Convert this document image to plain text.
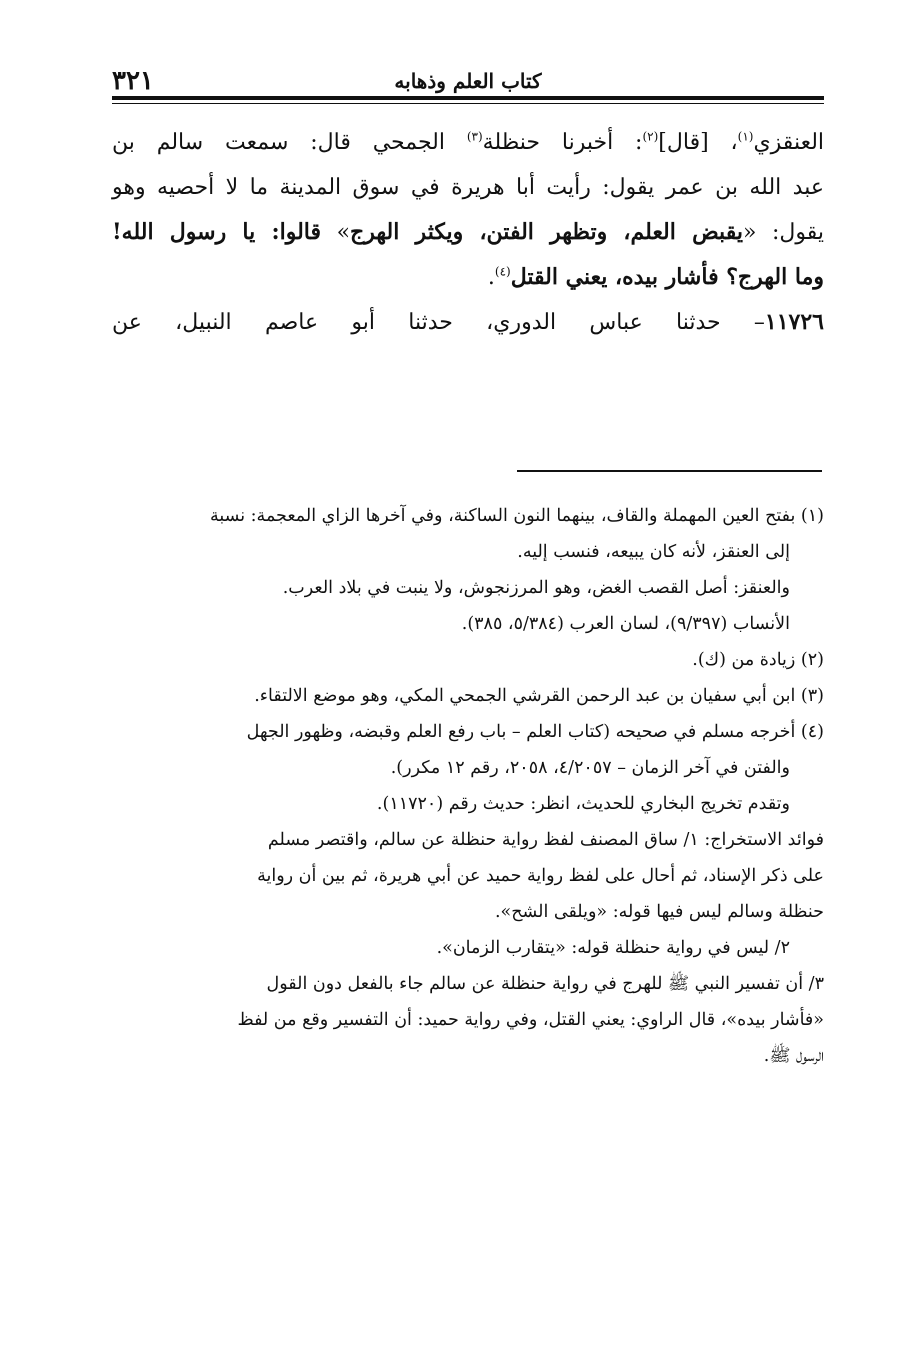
٣٢١	كتاب العلم وذهابه
العنقزي$^{(١)}$، [قال]$^{(٢)}$: أخبرنا حنظلة$^{(٣)}$ الجمحي قال: سمعت سالم بن
عبد الله بن عمر يقول: رأيت أبا هريرة في سوق المدينة ما لا أحصيه وهو
يقول: «يقبض العلم، وتظهر الفتن، ويكثر الهرج» قالوا: يا رسول الله!
وما الهرج؟ فأشار بيده، يعني القتل$^{(٤)}$.
١١٧٢٦– حدثنا عباس الدوري، حدثنا أبو عاصم النبيل، عن
(١) بفتح العين المهملة والقاف، بينهما النون الساكنة، وفي آخرها الزاي المعجمة: نسبة
إلى العنقز، لأنه كان يبيعه، فنسب إليه.
والعنقز: أصل القصب الغض، وهو المرزنجوش، ولا ينبت في بلاد العرب.
الأنساب (٩/٣٩٧)، لسان العرب (٥/٣٨٤، ٣٨٥).
(٢) زيادة من (ك).
(٣) ابن أبي سفيان بن عبد الرحمن القرشي الجمحي المكي، وهو موضع الالتقاء.
(٤) أخرجه مسلم في صحيحه (كتاب العلم – باب رفع العلم وقبضه، وظهور الجهل
والفتن في آخر الزمان – ٤/٢٠٥٧، ٢٠٥٨، رقم ١٢ مكرر).
وتقدم تخريج البخاري للحديث، انظر: حديث رقم (١١٧٢٠).
فوائد الاستخراج: ١/ ساق المصنف لفظ رواية حنظلة عن سالم، واقتصر مسلم
على ذكر الإسناد، ثم أحال على لفظ رواية حميد عن أبي هريرة، ثم بين أن رواية
حنظلة وسالم ليس فيها قوله: «ويلقى الشح».
٢/ ليس في رواية حنظلة قوله: «يتقارب الزمان».
٣/ أن تفسير النبي ﷺ للهرج في رواية حنظلة عن سالم جاء بالفعل دون القول
«فأشار بيده»، قال الراوي: يعني القتل، وفي رواية حميد: أن التفسير وقع من لفظ
الرسول ﷺ.
